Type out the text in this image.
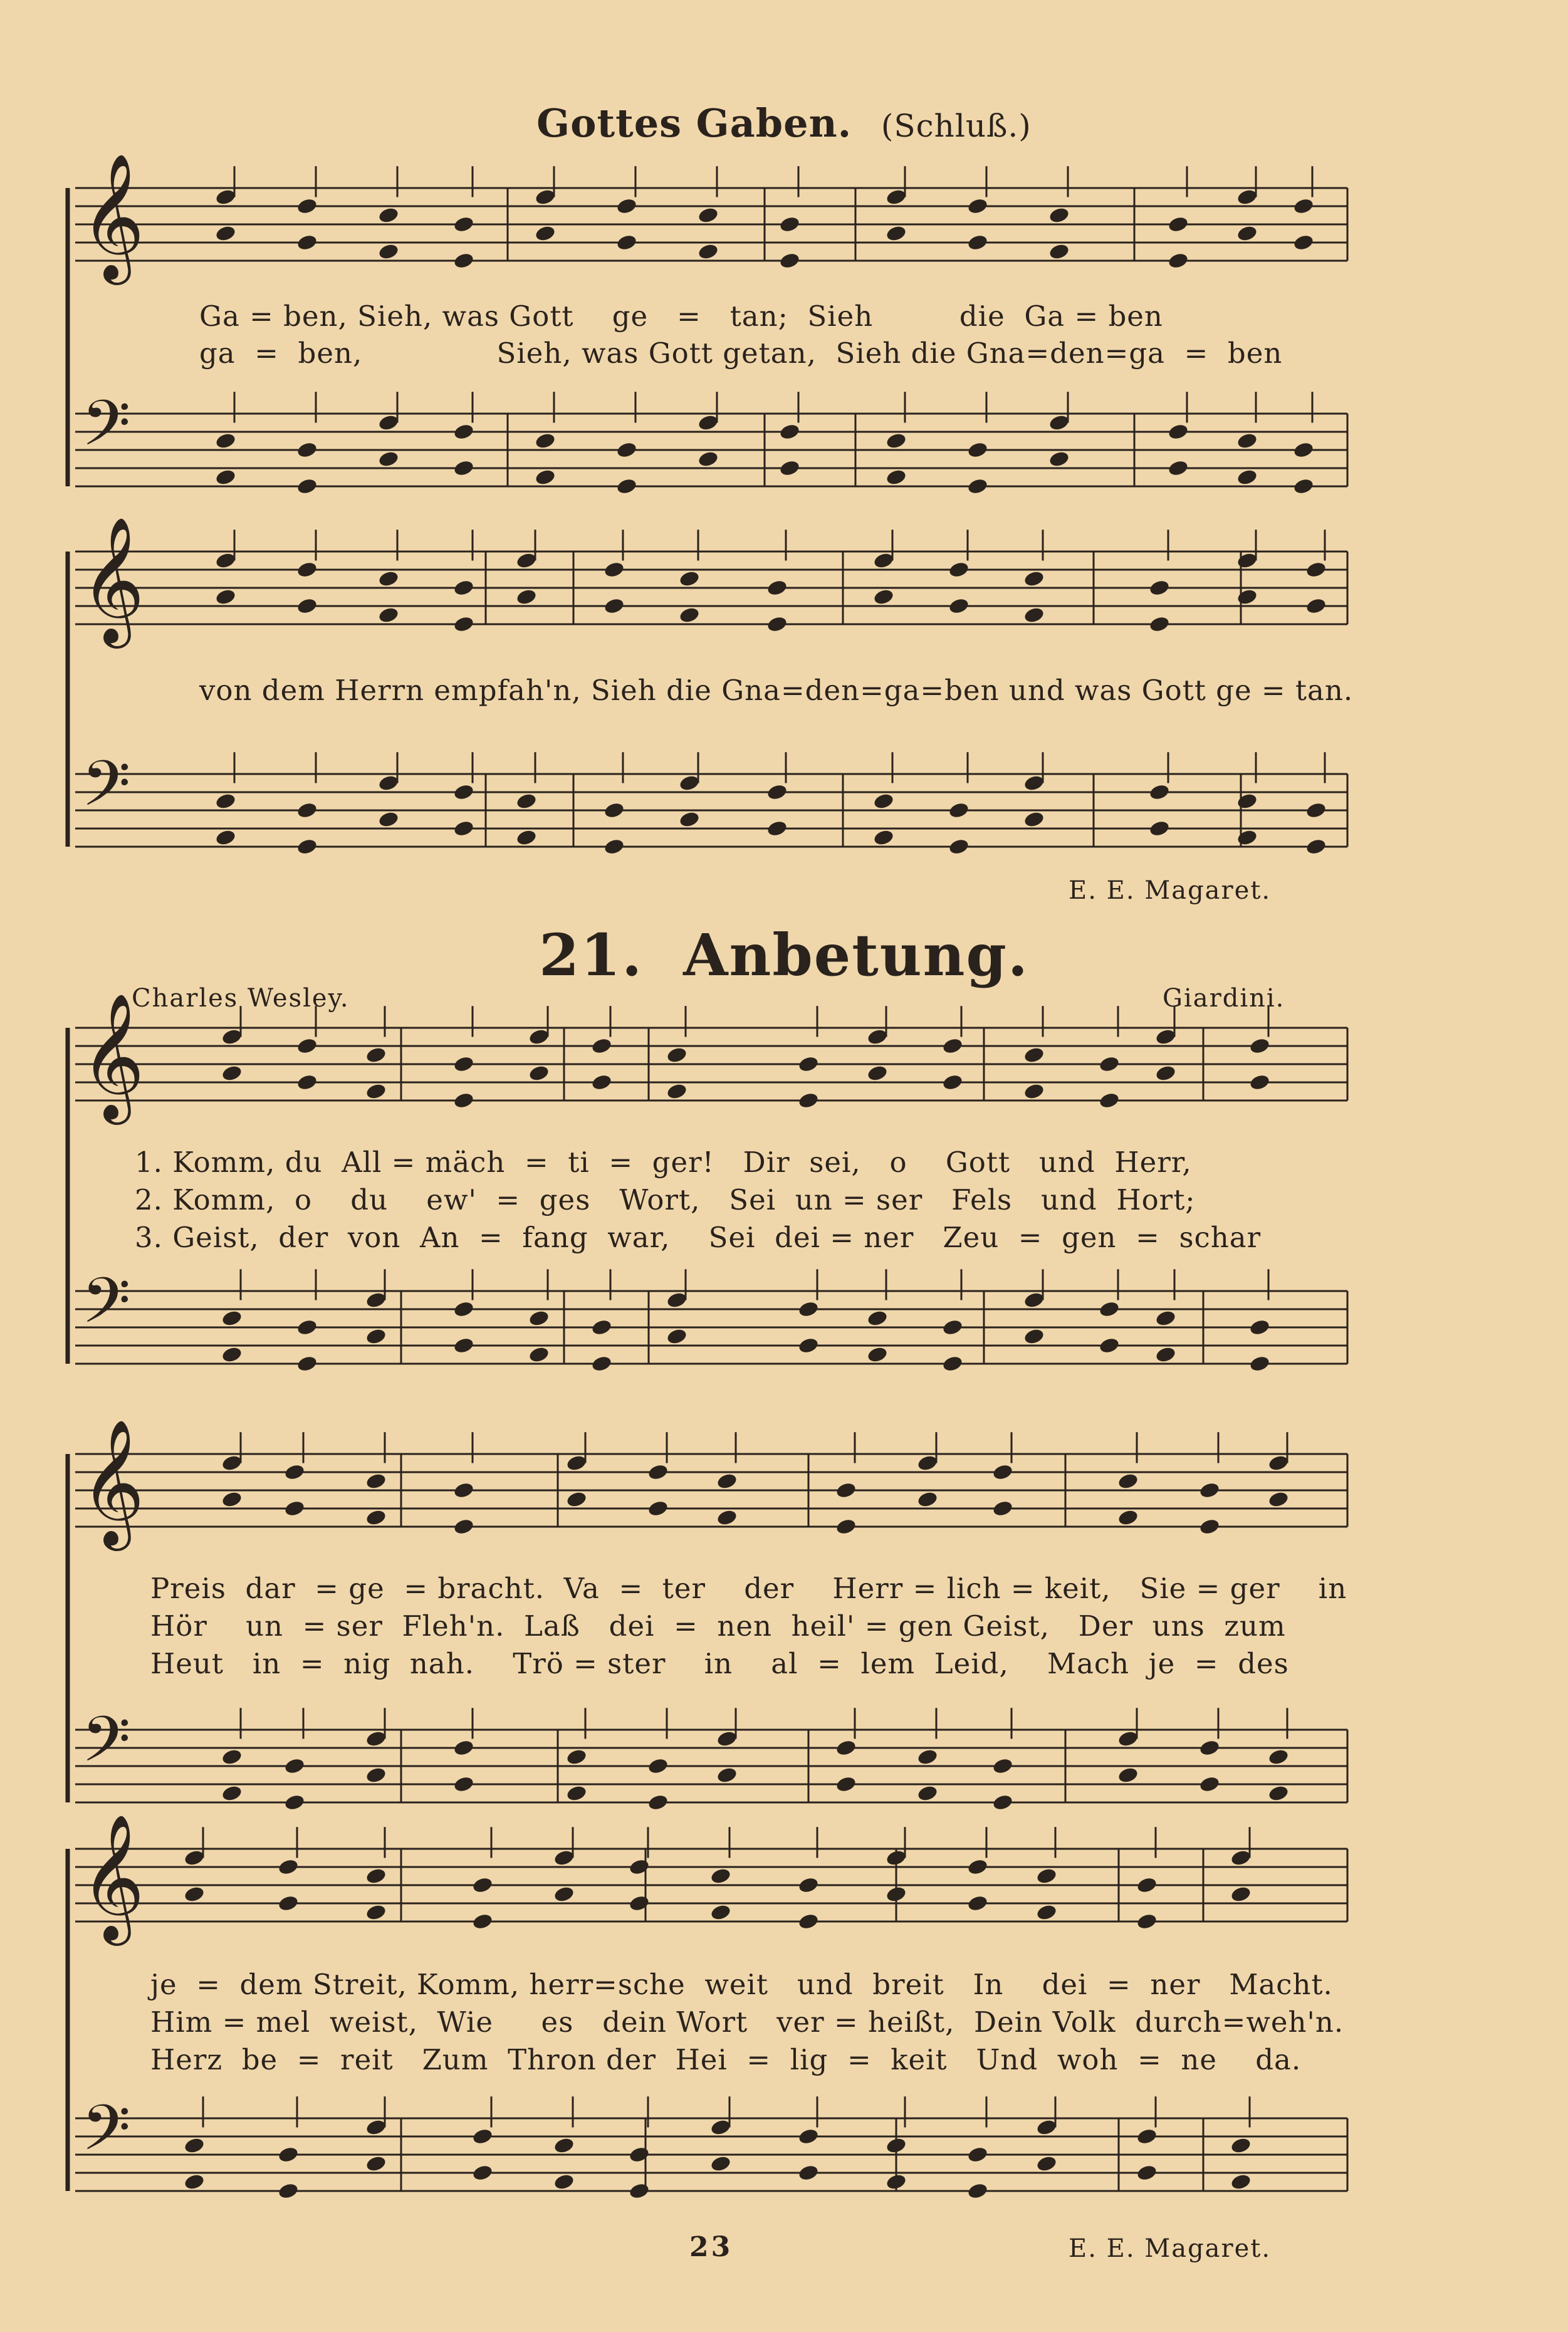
Gottes Gaben. (Schluß.)
𝄞
𝄢
𝄞
𝄢
𝄞
𝄢
𝄞
𝄢
𝄞
𝄢
Ga = ben, Sieh, was Gott    ge   =   tan;  Sieh         die  Ga = ben
ga  =  ben,              Sieh, was Gott getan,  Sieh die Gna=den=ga  =  ben
von dem Herrn empfah'n, Sieh die Gna=den=ga=ben und was Gott ge = tan.
E. E. Magaret.
21. Anbetung.
Charles Wesley.	Giardini.
1. Komm, du  All = mäch  =  ti  =  ger!   Dir  sei,   o    Gott   und  Herr,
2. Komm,  o    du    ew'  =  ges   Wort,   Sei  un = ser   Fels   und  Hort;
3. Geist,  der  von  An  =  fang  war,    Sei  dei = ner   Zeu  =  gen  =  schar
Preis  dar  = ge  = bracht.  Va  =  ter    der    Herr = lich = keit,   Sie = ger    in
Hör    un  = ser  Fleh'n.  Laß   dei  =  nen  heil' = gen Geist,   Der  uns  zum
Heut   in  =  nig  nah.    Trö = ster    in    al  =  lem  Leid,    Mach  je  =  des
je  =  dem Streit, Komm, herr=sche  weit   und  breit   In    dei  =  ner   Macht.
Him = mel  weist,  Wie     es   dein Wort   ver = heißt,  Dein Volk  durch=weh'n.
Herz  be  =  reit   Zum  Thron der  Hei  =  lig  =  keit   Und  woh  =  ne    da.
23	E. E. Magaret.
